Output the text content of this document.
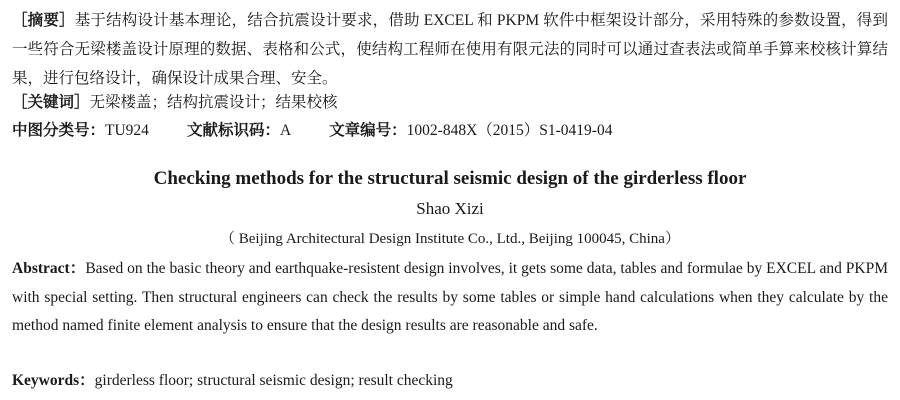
［摘要］基于结构设计基本理论，结合抗震设计要求，借助 EXCEL 和 PKPM 软件中框架设计部分，采用特殊的参数设置，得到一些符合无梁楼盖设计原理的数据、表格和公式，使结构工程师在使用有限元法的同时可以通过查表法或简单手算来校核计算结果，进行包络设计，确保设计成果合理、安全。
［关键词］无梁楼盖；结构抗震设计；结果校核
中图分类号：TU924 文献标识码：A 文章编号：1002-848X（2015）S1-0419-04
Checking methods for the structural seismic design of the girderless floor
Shao Xizi
（ Beijing Architectural Design Institute Co., Ltd., Beijing 100045, China）
Abstract：Based on the basic theory and earthquake-resistent design involves, it gets some data, tables and formulae by EXCEL and PKPM with special setting. Then structural engineers can check the results by some tables or simple hand calculations when they calculate by the method named finite element analysis to ensure that the design results are reasonable and safe.
Keywords：girderless floor; structural seismic design; result checking
